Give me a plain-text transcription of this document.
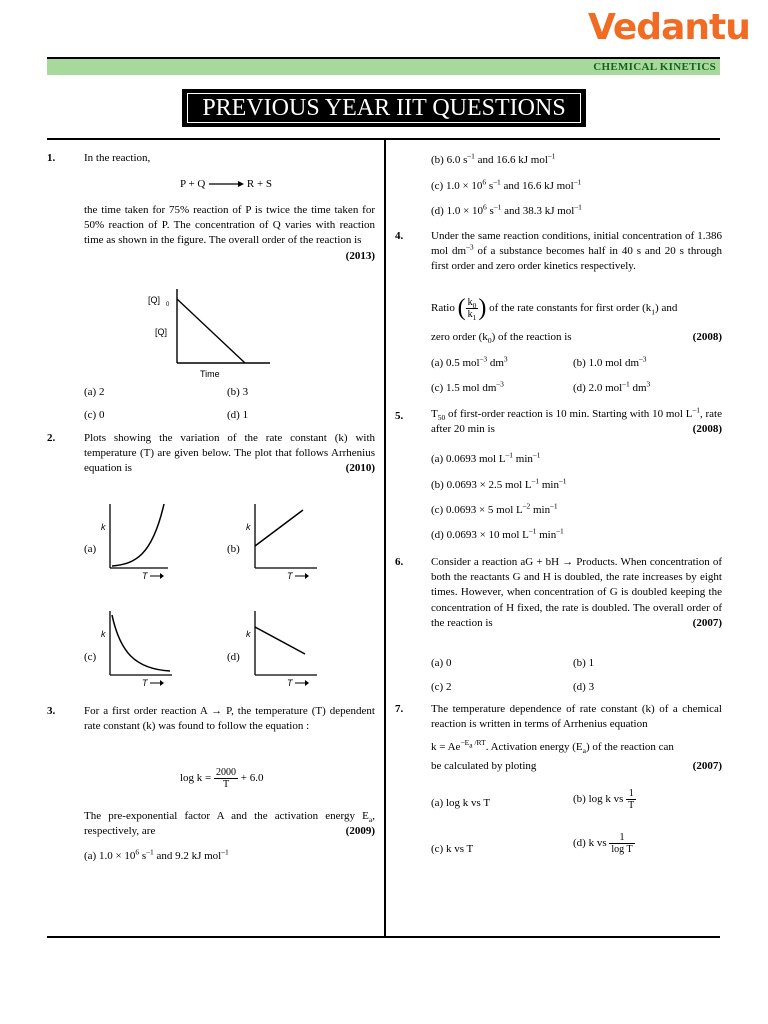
Vedantu
CHEMICAL KINETICS
PREVIOUS YEAR IIT QUESTIONS
1.	In the reaction,
P + Q	R + S
the time taken for 75% reaction of P is twice the time taken for 50% reaction of P. The concentration of Q varies with reaction time as shown in the figure. The overall order of the reaction is
(2013)
[Q] 0
[Q]
Time
(a) 2	(b) 3
(c) 0	(d) 1
2.	Plots showing the variation of the rate constant (k) with temperature (T) are given below. The plot that follows Arrhenius equation is	(2010)
(a)
k
T
(b)
k
T
(c)
k
T
(d)
k
T
3.	For a first order reaction A → P, the temperature (T) dependent rate constant (k) was found to follow the equation :
$\log k = \frac{2000}{T} + 6.0$
The pre-exponential factor A and the activation energy $E_a$, respectively, are	(2009)
(a) $1.0 \times 10^6$ $s^{-1}$ and 9.2 kJ mol$^{-1}$
(b) 6.0 $s^{-1}$ and 16.6 kJ mol$^{-1}$
(c) $1.0 \times 10^6$ $s^{-1}$ and 16.6 kJ mol$^{-1}$
(d) $1.0 \times 10^6$ $s^{-1}$ and 38.3 kJ mol$^{-1}$
4.	Under the same reaction conditions, initial concentration of 1.386 mol $dm^{-3}$ of a substance becomes half in 40 s and 20 s through first order and zero order kinetics respectively.
Ratio ( $\frac{k_0}{k_1}$ ) of the rate constants for first order $(k_1)$ and
zero order $(k_0)$ of the reaction is	(2008)
(a) 0.5 mol$^{-3}$ $dm^3$	(b) 1.0 mol $dm^{-3}$
(c) 1.5 mol $dm^{-3}$	(d) 2.0 mol$^{-1}$ $dm^3$
5.	$T_{50}$ of first-order reaction is 10 min. Starting with 10 mol $L^{-1}$, rate after 20 min is	(2008)
(a) 0.0693 mol $L^{-1}$ $\min^{-1}$
(b) 0.0693 × 2.5 mol $L^{-1}$ $\min^{-1}$
(c) 0.0693 × 5 mol $L^{-2}$ $\min^{-1}$
(d) 0.0693 × 10 mol $L^{-1}$ $\min^{-1}$
6.	Consider a reaction aG + bH → Products. When concentration of both the reactants G and H is doubled, the rate increases by eight times. However, when concentration of G is doubled keeping the concentration of H fixed, the rate is doubled. The overall order of the reaction is	(2007)
(a) 0	(b) 1
(c) 2	(d) 3
7.	The temperature dependence of rate constant (k) of a chemical reaction is written in terms of Arrhenius equation
$k = Ae^{-E_a /RT}$. Activation energy $(E_a)$ of the reaction can
be calculated by ploting	(2007)
(a) log k vs T	(b) log k vs $\frac{1}{T}$
(c) k vs T	(d) k vs $\frac{1}{\text{log T}}$
